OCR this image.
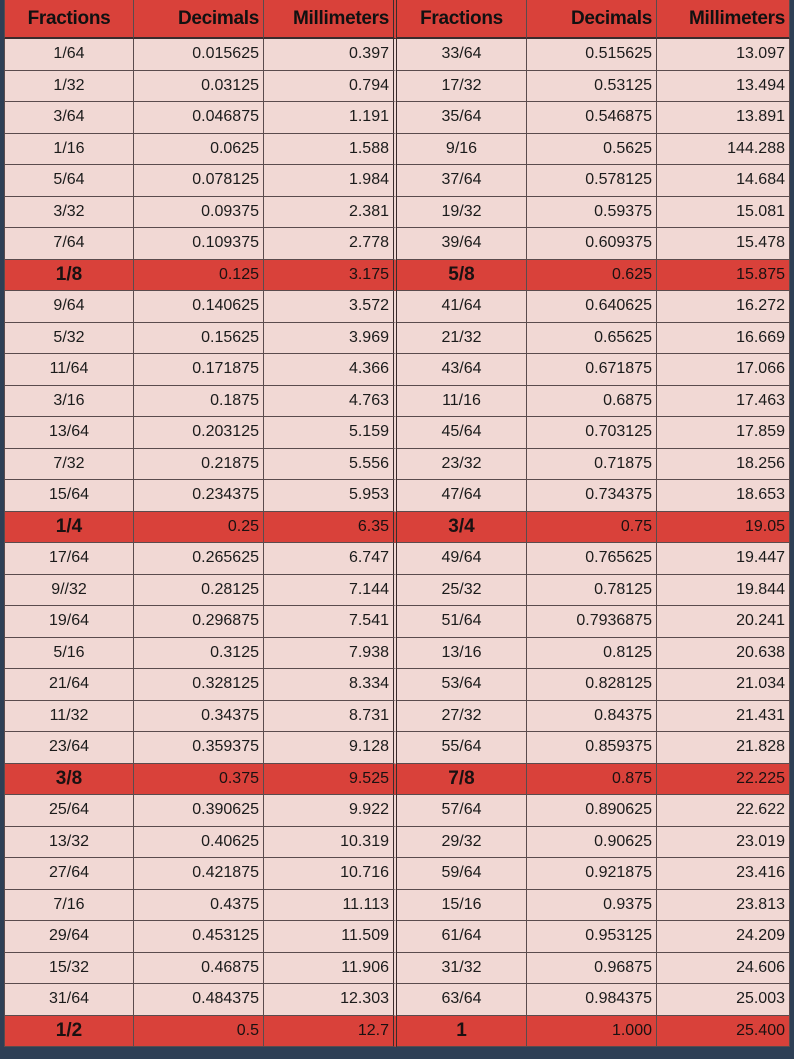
Fractions	Decimals	Millimeters	Fractions	Decimals	Millimeters
1/64	0.015625	0.397	33/64	0.515625	13.097
1/32	0.03125	0.794	17/32	0.53125	13.494
3/64	0.046875	1.191	35/64	0.546875	13.891
1/16	0.0625	1.588	9/16	0.5625	144.288
5/64	0.078125	1.984	37/64	0.578125	14.684
3/32	0.09375	2.381	19/32	0.59375	15.081
7/64	0.109375	2.778	39/64	0.609375	15.478
1/8	0.125	3.175	5/8	0.625	15.875
9/64	0.140625	3.572	41/64	0.640625	16.272
5/32	0.15625	3.969	21/32	0.65625	16.669
11/64	0.171875	4.366	43/64	0.671875	17.066
3/16	0.1875	4.763	11/16	0.6875	17.463
13/64	0.203125	5.159	45/64	0.703125	17.859
7/32	0.21875	5.556	23/32	0.71875	18.256
15/64	0.234375	5.953	47/64	0.734375	18.653
1/4	0.25	6.35	3/4	0.75	19.05
17/64	0.265625	6.747	49/64	0.765625	19.447
9//32	0.28125	7.144	25/32	0.78125	19.844
19/64	0.296875	7.541	51/64	0.7936875	20.241
5/16	0.3125	7.938	13/16	0.8125	20.638
21/64	0.328125	8.334	53/64	0.828125	21.034
11/32	0.34375	8.731	27/32	0.84375	21.431
23/64	0.359375	9.128	55/64	0.859375	21.828
3/8	0.375	9.525	7/8	0.875	22.225
25/64	0.390625	9.922	57/64	0.890625	22.622
13/32	0.40625	10.319	29/32	0.90625	23.019
27/64	0.421875	10.716	59/64	0.921875	23.416
7/16	0.4375	11.113	15/16	0.9375	23.813
29/64	0.453125	11.509	61/64	0.953125	24.209
15/32	0.46875	11.906	31/32	0.96875	24.606
31/64	0.484375	12.303	63/64	0.984375	25.003
1/2	0.5	12.7	1	1.000	25.400
